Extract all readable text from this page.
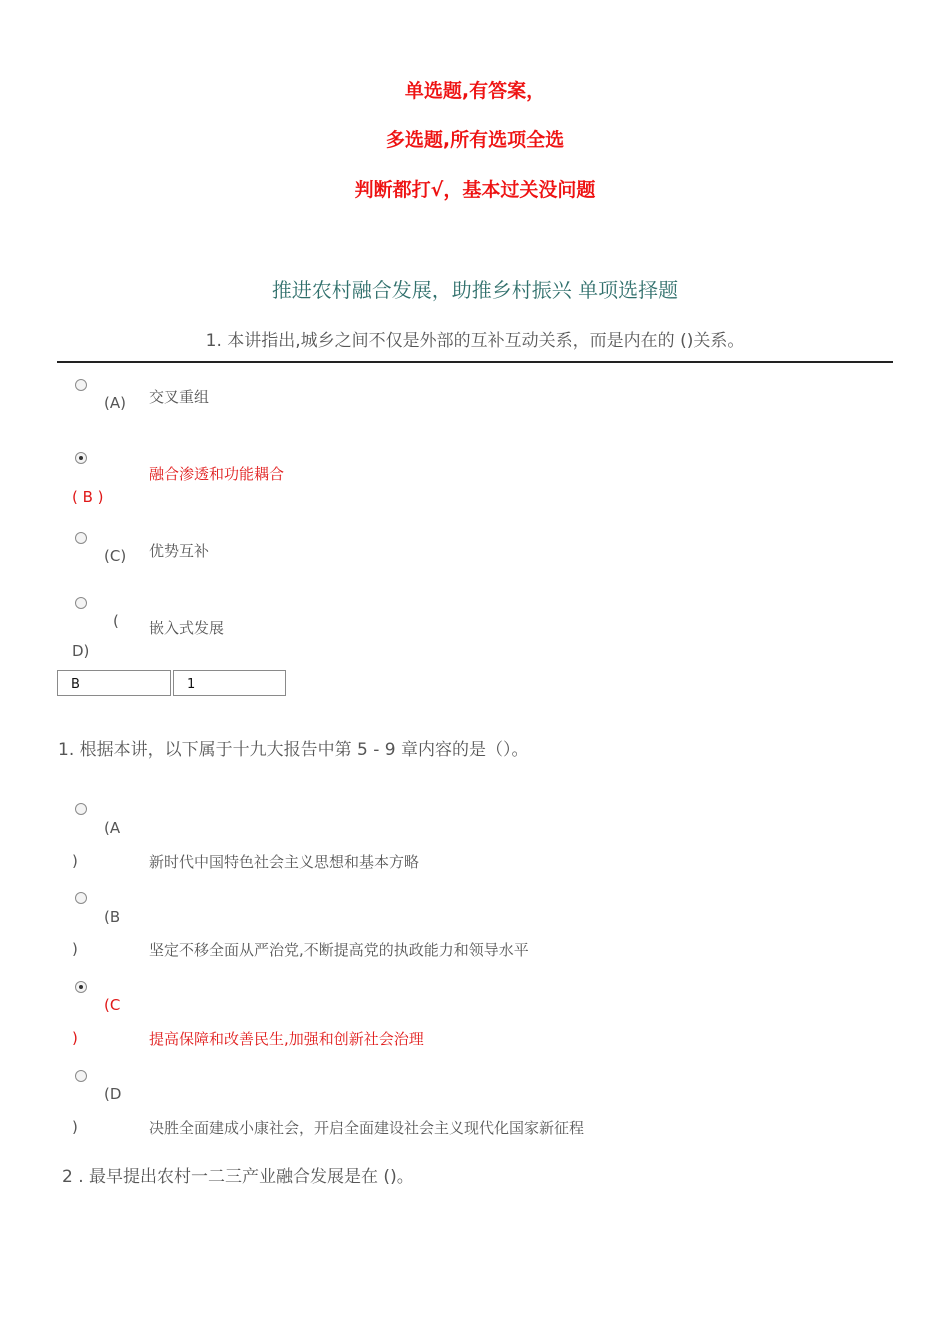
单选题,有答案，
多选题,所有选项全选
判断都打√，基本过关没问题
推进农村融合发展，助推乡村振兴 单项选择题
1. 本讲指出,城乡之间不仅是外部的互补互动关系，而是内在的 ()关系。
(A) 交叉重组
( B )
融合渗透和功能耦合
(C) 优势互补
(
D)
嵌入式发展
B	1
1. 根据本讲，以下属于十九大报告中第 5 - 9 章内容的是（）。
(A
)	新时代中国特色社会主义思想和基本方略
(B
)	坚定不移全面从严治党,不断提高党的执政能力和领导水平
(C
)	提高保障和改善民生,加强和创新社会治理
(D
)	决胜全面建成小康社会，开启全面建设社会主义现代化国家新征程
2 . 最早提出农村一二三产业融合发展是在 ()。
